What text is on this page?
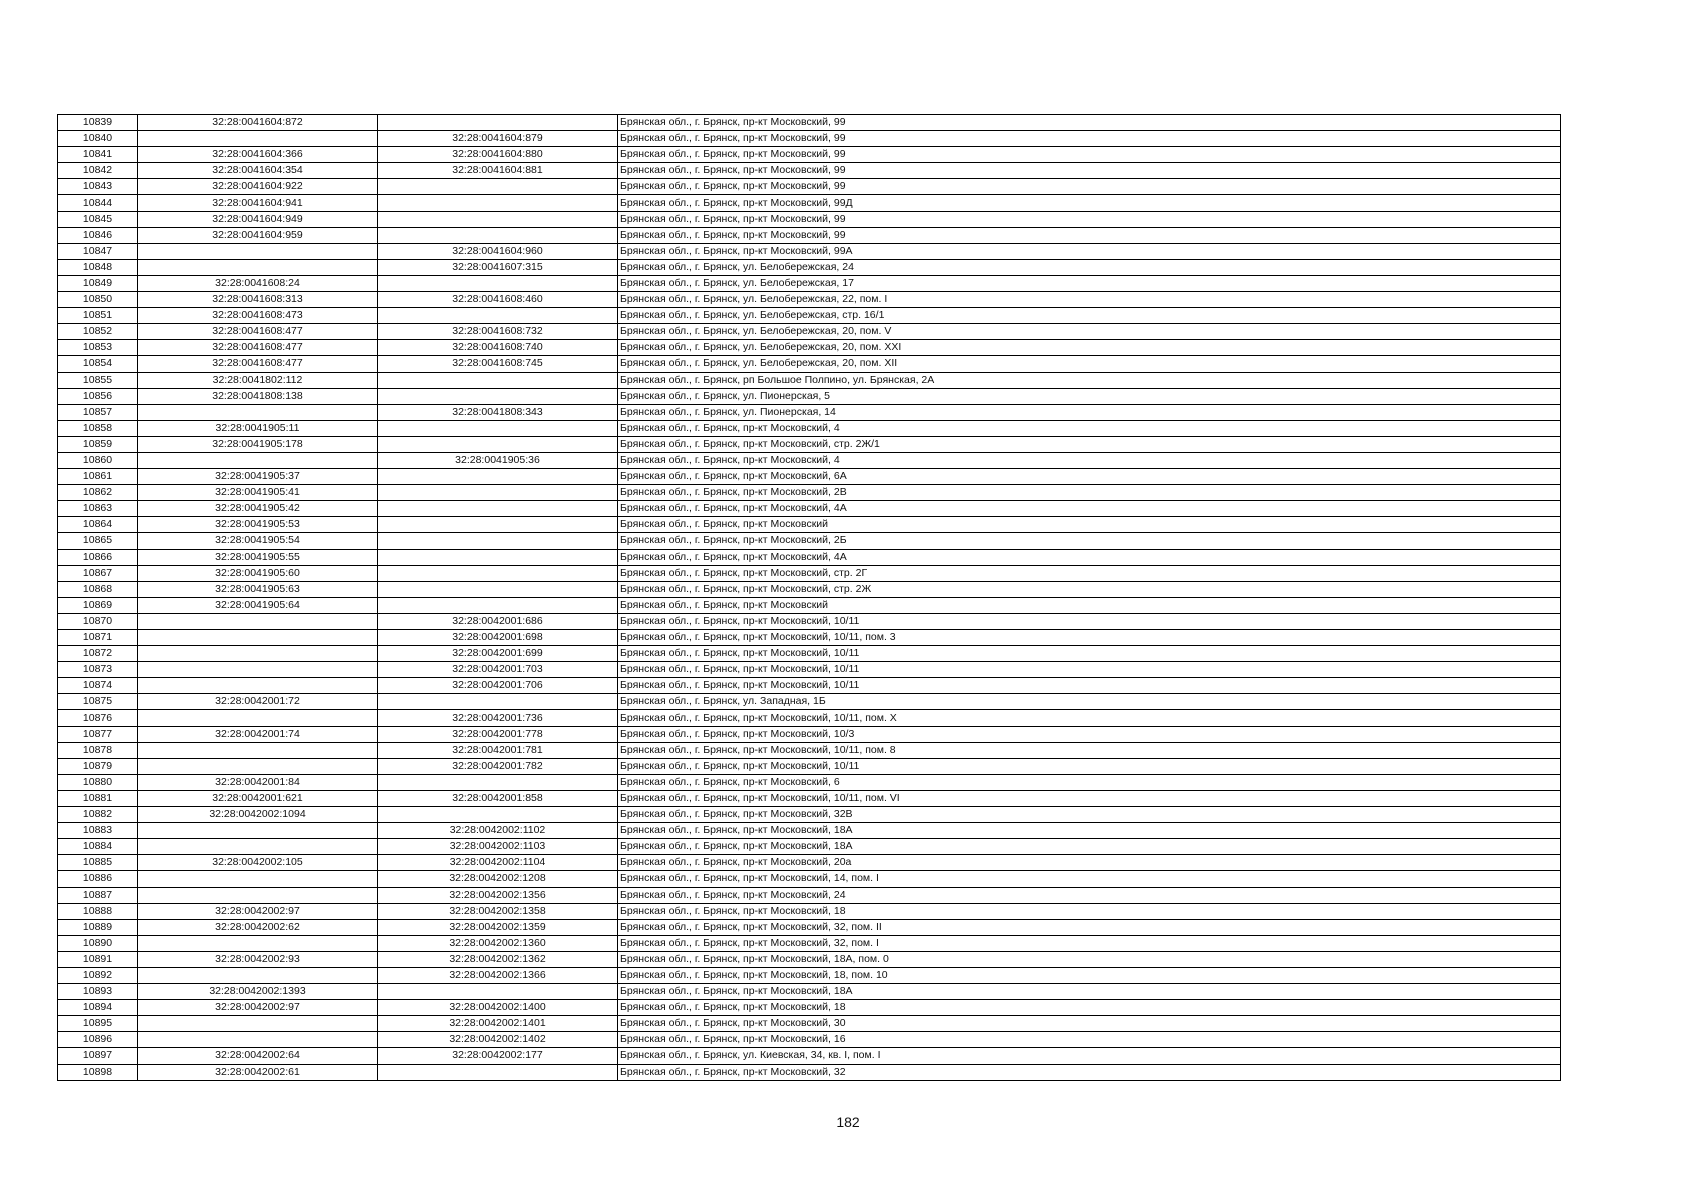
10839	32:28:0041604:872		Брянская обл., г. Брянск, пр-кт Московский, 99
10840		32:28:0041604:879	Брянская обл., г. Брянск, пр-кт Московский, 99
10841	32:28:0041604:366	32:28:0041604:880	Брянская обл., г. Брянск, пр-кт Московский, 99
10842	32:28:0041604:354	32:28:0041604:881	Брянская обл., г. Брянск, пр-кт Московский, 99
10843	32:28:0041604:922		Брянская обл., г. Брянск, пр-кт Московский, 99
10844	32:28:0041604:941		Брянская обл., г. Брянск, пр-кт Московский, 99Д
10845	32:28:0041604:949		Брянская обл., г. Брянск, пр-кт Московский, 99
10846	32:28:0041604:959		Брянская обл., г. Брянск, пр-кт Московский, 99
10847		32:28:0041604:960	Брянская обл., г. Брянск, пр-кт Московский, 99А
10848		32:28:0041607:315	Брянская обл., г. Брянск, ул. Белобережская, 24
10849	32:28:0041608:24		Брянская обл., г. Брянск, ул. Белобережская, 17
10850	32:28:0041608:313	32:28:0041608:460	Брянская обл., г. Брянск, ул. Белобережская, 22, пом. I
10851	32:28:0041608:473		Брянская обл., г. Брянск, ул. Белобережская, стр. 16/1
10852	32:28:0041608:477	32:28:0041608:732	Брянская обл., г. Брянск, ул. Белобережская, 20, пом. V
10853	32:28:0041608:477	32:28:0041608:740	Брянская обл., г. Брянск, ул. Белобережская, 20, пом. XXI
10854	32:28:0041608:477	32:28:0041608:745	Брянская обл., г. Брянск, ул. Белобережская, 20, пом. XII
10855	32:28:0041802:112		Брянская обл., г. Брянск, рп Большое Полпино, ул. Брянская, 2А
10856	32:28:0041808:138		Брянская обл., г. Брянск, ул. Пионерская, 5
10857		32:28:0041808:343	Брянская обл., г. Брянск, ул. Пионерская, 14
10858	32:28:0041905:11		Брянская обл., г. Брянск, пр-кт Московский, 4
10859	32:28:0041905:178		Брянская обл., г. Брянск, пр-кт Московский, стр. 2Ж/1
10860		32:28:0041905:36	Брянская обл., г. Брянск, пр-кт Московский, 4
10861	32:28:0041905:37		Брянская обл., г. Брянск, пр-кт Московский, 6А
10862	32:28:0041905:41		Брянская обл., г. Брянск, пр-кт Московский, 2В
10863	32:28:0041905:42		Брянская обл., г. Брянск, пр-кт Московский, 4А
10864	32:28:0041905:53		Брянская обл., г. Брянск, пр-кт Московский
10865	32:28:0041905:54		Брянская обл., г. Брянск, пр-кт Московский, 2Б
10866	32:28:0041905:55		Брянская обл., г. Брянск, пр-кт Московский, 4А
10867	32:28:0041905:60		Брянская обл., г. Брянск, пр-кт Московский, стр. 2Г
10868	32:28:0041905:63		Брянская обл., г. Брянск, пр-кт Московский, стр. 2Ж
10869	32:28:0041905:64		Брянская обл., г. Брянск, пр-кт Московский
10870		32:28:0042001:686	Брянская обл., г. Брянск, пр-кт Московский, 10/11
10871		32:28:0042001:698	Брянская обл., г. Брянск, пр-кт Московский, 10/11, пом. 3
10872		32:28:0042001:699	Брянская обл., г. Брянск, пр-кт Московский, 10/11
10873		32:28:0042001:703	Брянская обл., г. Брянск, пр-кт Московский, 10/11
10874		32:28:0042001:706	Брянская обл., г. Брянск, пр-кт Московский, 10/11
10875	32:28:0042001:72		Брянская обл., г. Брянск, ул. Западная, 1Б
10876		32:28:0042001:736	Брянская обл., г. Брянск, пр-кт Московский, 10/11, пом. X
10877	32:28:0042001:74	32:28:0042001:778	Брянская обл., г. Брянск, пр-кт Московский, 10/3
10878		32:28:0042001:781	Брянская обл., г. Брянск, пр-кт Московский, 10/11, пом. 8
10879		32:28:0042001:782	Брянская обл., г. Брянск, пр-кт Московский, 10/11
10880	32:28:0042001:84		Брянская обл., г. Брянск, пр-кт Московский, 6
10881	32:28:0042001:621	32:28:0042001:858	Брянская обл., г. Брянск, пр-кт Московский, 10/11, пом. VI
10882	32:28:0042002:1094		Брянская обл., г. Брянск, пр-кт Московский, 32В
10883		32:28:0042002:1102	Брянская обл., г. Брянск, пр-кт Московский, 18А
10884		32:28:0042002:1103	Брянская обл., г. Брянск, пр-кт Московский, 18А
10885	32:28:0042002:105	32:28:0042002:1104	Брянская обл., г. Брянск, пр-кт Московский, 20а
10886		32:28:0042002:1208	Брянская обл., г. Брянск, пр-кт Московский, 14, пом. I
10887		32:28:0042002:1356	Брянская обл., г. Брянск, пр-кт Московский, 24
10888	32:28:0042002:97	32:28:0042002:1358	Брянская обл., г. Брянск, пр-кт Московский, 18
10889	32:28:0042002:62	32:28:0042002:1359	Брянская обл., г. Брянск, пр-кт Московский, 32, пом. II
10890		32:28:0042002:1360	Брянская обл., г. Брянск, пр-кт Московский, 32, пом. I
10891	32:28:0042002:93	32:28:0042002:1362	Брянская обл., г. Брянск, пр-кт Московский, 18А, пом. 0
10892		32:28:0042002:1366	Брянская обл., г. Брянск, пр-кт Московский, 18, пом. 10
10893	32:28:0042002:1393		Брянская обл., г. Брянск, пр-кт Московский, 18А
10894	32:28:0042002:97	32:28:0042002:1400	Брянская обл., г. Брянск, пр-кт Московский, 18
10895		32:28:0042002:1401	Брянская обл., г. Брянск, пр-кт Московский, 30
10896		32:28:0042002:1402	Брянская обл., г. Брянск, пр-кт Московский, 16
10897	32:28:0042002:64	32:28:0042002:177	Брянская обл., г. Брянск, ул. Киевская, 34, кв. I, пом. I
10898	32:28:0042002:61		Брянская обл., г. Брянск, пр-кт Московский, 32
182
